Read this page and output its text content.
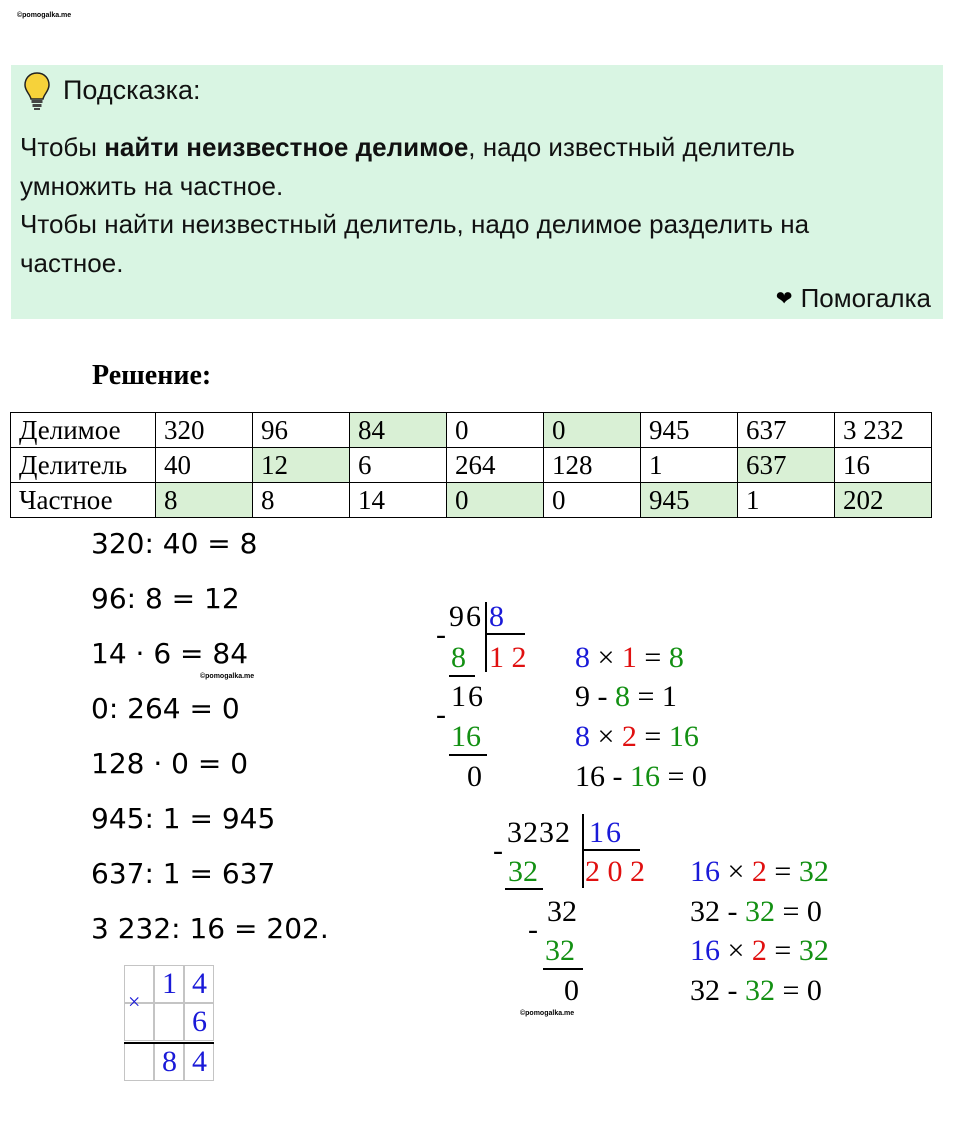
©pomogalka.me
Подсказка:
Чтобы найти неизвестное делимое, надо известный делитель
умножить на частное.
Чтобы найти неизвестный делитель, надо делимое разделить на
частное.
❤ Помогалка
Решение:
Делимое	320	96	84	0	0	945	637	3 232
Делитель	40	12	6	264	128	1	637	16
Частное	8	8	14	0	0	945	1	202
320: 40 = 8
96: 8 = 12
14 · 6 = 84
©pomogalka.me
0: 264 = 0
128 · 0 = 0
945: 1 = 945
637: 1 = 637
3 232: 16 = 202.
96 8
1 2
-
8
16
-
16
0
8 × 1 = 8
9 - 8 = 1
8 × 2 = 16
16 - 16 = 0
3232 16
2 0 2
-
32
32
-
32
0
©pomogalka.me
16 × 2 = 32
32 - 32 = 0
16 × 2 = 32
32 - 32 = 0
×
1 4
6
8 4
